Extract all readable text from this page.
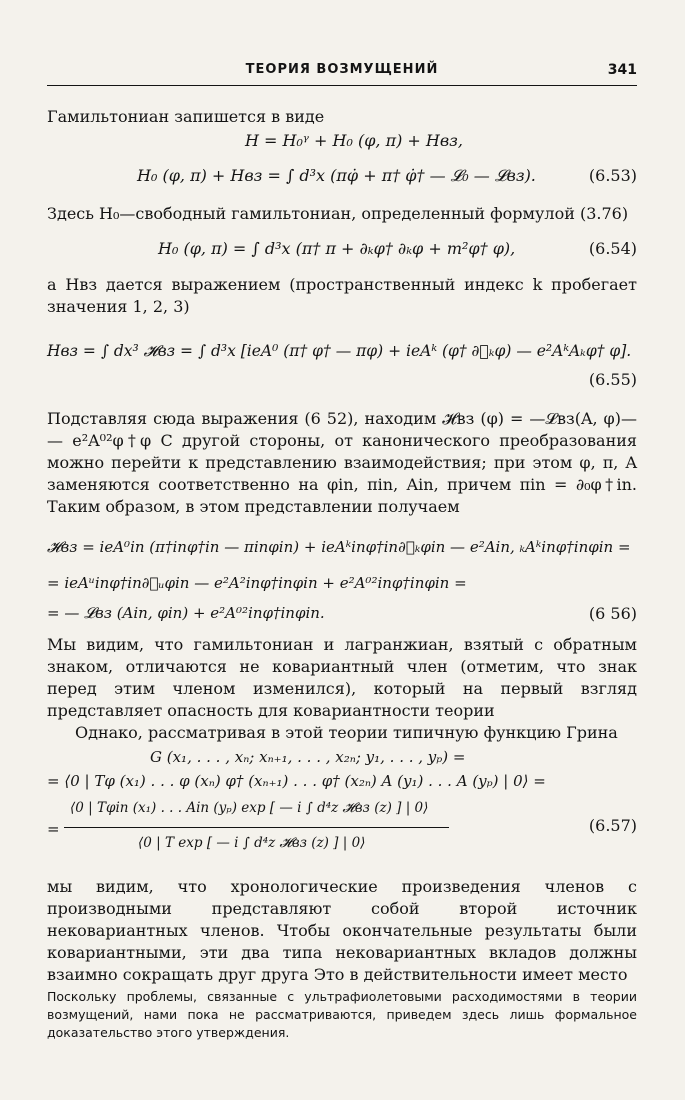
ТЕОРИЯ ВОЗМУЩЕНИЙ	341

Гамильтониан запишется в виде

H = H₀ᵞ + H₀ (φ, π) + Hвз,
H₀ (φ, π) + Hвз = ∫ d³x (πφ̇ + π† φ̇† — 𝓛₀ — 𝓛вз).	(6.53)

Здесь H₀—свободный гамильтониан, определенный формулой (3.76)

H₀ (φ, π) = ∫ d³x (π† π + ∂ₖφ† ∂ₖφ + m²φ† φ),	(6.54)

а Hвз дается выражением (пространственный индекс k пробегает значения 1, 2, 3)

Hвз = ∫ dx³ 𝓗вз = ∫ d³x [ieA⁰ (π† φ† — πφ) + ieAᵏ (φ† ∂⃡ₖφ) — e²AᵏAₖφ† φ].
(6.55)

Подставляя сюда выражения (6 52), находим 𝓗вз (φ) = —𝓛вз(A, φ)— — e²A⁰²φ†φ С другой стороны, от канонического преобразования можно перейти к представлению взаимодействия; при этом φ, π, A заменяются соответственно на φin, πin, Ain, причем πin = ∂₀φ†in. Таким образом, в этом представлении получаем

𝓗вз = ieA⁰in (π†inφ†in — πinφin) + ieAᵏinφ†in∂⃡ₖφin — e²Ain, ₖAᵏinφ†inφin =
= ieAᵘinφ†in∂⃡ᵤφin — e²A²inφ†inφin + e²A⁰²inφ†inφin =
= — 𝓛вз (Ain, φin) + e²A⁰²inφ†inφin.	(6 56)

Мы видим, что гамильтониан и лагранжиан, взятый с обратным знаком, отличаются не ковариантный член (отметим, что знак перед этим членом изменился), который на первый взгляд представляет опасность для ковариантности теории

Однако, рассматривая в этой теории типичную функцию Грина

G (x₁, . . . , xₙ; xₙ₊₁, . . . , x₂ₙ; y₁, . . . , yₚ) =
= ⟨0 | Tφ (x₁) . . . φ (xₙ) φ† (xₙ₊₁) . . . φ† (x₂ₙ) A (y₁) . . . A (yₚ) | 0⟩ =
=
⟨0 | Tφin (x₁) . . . Ain (yₚ) exp [ — i ∫ d⁴z 𝓗вз (z) ] | 0⟩
⟨0 | T exp [ — i ∫ d⁴z 𝓗вз (z) ] | 0⟩
(6.57)

мы видим, что хронологические произведения членов с производными представляют собой второй источник нековариантных членов. Чтобы окончательные результаты были ковариантными, эти два типа нековариантных вкладов должны взаимно сокращать друг друга Это в действительности имеет место

Поскольку проблемы, связанные с ультрафиолетовыми расходимостями в теории возмущений, нами пока не рассматриваются, приведем здесь лишь формальное доказательство этого утверждения.
